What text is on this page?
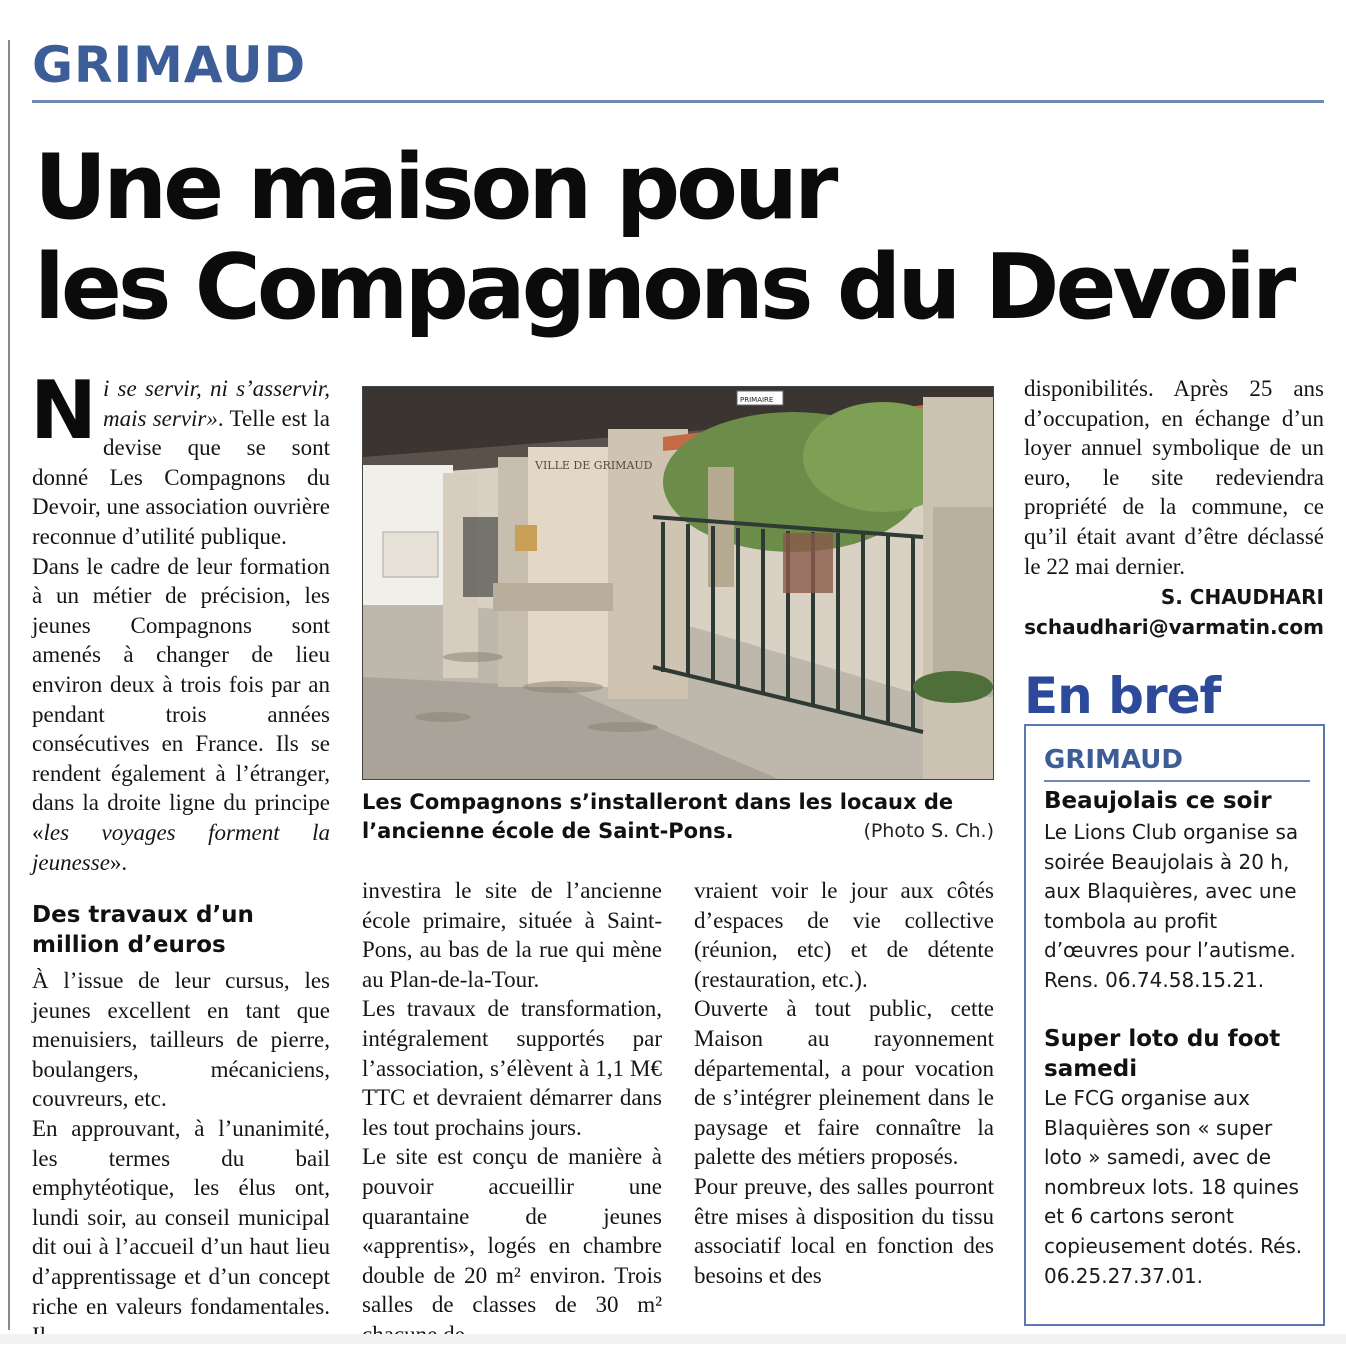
GRIMAUD
Une maison pour
les Compagnons du Devoir

Ni se servir, ni s’asservir, mais servir». Telle est la devise que se sont donné Les Compagnons du Devoir, une association ouvrière reconnue d’utilité publique.

Dans le cadre de leur formation à un métier de précision, les jeunes Compagnons sont amenés à changer de lieu environ deux à trois fois par an pendant trois années consécutives en France. Ils se rendent également à l’étranger, dans la droite ligne du principe «les voyages forment la jeunesse».

Des travaux d’un million d’euros

À l’issue de leur cursus, les jeunes excellent en tant que menuisiers, tailleurs de pierre, boulangers, mécaniciens, couvreurs, etc.

En approuvant, à l’unanimité, les termes du bail emphytéotique, les élus ont, lundi soir, au conseil municipal dit oui à l’accueil d’un haut lieu d’apprentissage et d’un concept riche en valeurs fondamentales.

VILLE DE GRIMAUD
PRIMAIRE
Les Compagnons s’installeront dans les locaux de l’ancienne école de Saint-Pons.	(Photo S. Ch.)

investira le site de l’ancienne école primaire, située à Saint-Pons, au bas de la rue qui mène au Plan-de-la-Tour.

Les travaux de transformation, intégralement supportés par l’association, s’élèvent à 1,1 M€ TTC et devraient démarrer dans les tout prochains jours.

Le site est conçu de manière à pouvoir accueillir une quarantaine de jeunes «apprentis», logés en chambre double de 20 m² environ. Trois salles de classes de 30 m²

vraient voir le jour aux côtés d’espaces de vie collective (réunion, etc) et de détente (restauration, etc.).

Ouverte à tout public, cette Maison au rayonnement départemental, a pour vocation de s’intégrer pleinement dans le paysage et faire connaître la palette des métiers proposés.

Pour preuve, des salles pourront être mises à disposition du tissu associatif local en fonction des besoins et des

disponibilités. Après 25 ans d’occupation, en échange d’un loyer annuel symbolique de un euro, le site redeviendra propriété de la commune, ce qu’il était avant d’être déclassé le 22 mai dernier.

S. CHAUDHARI
schaudhari@varmatin.com
En bref
GRIMAUD
Beaujolais ce soir
Le Lions Club organise sa soirée Beaujolais à 20 h, aux Blaquières, avec une tombola au profit d’œuvres pour l’autisme. Rens. 06.74.58.15.21.
Super loto du foot samedi
Le FCG organise aux Blaquières son « super loto » samedi, avec de nombreux lots. 18 quines et 6 cartons seront copieusement dotés. Rés. 06.25.27.37.01.
